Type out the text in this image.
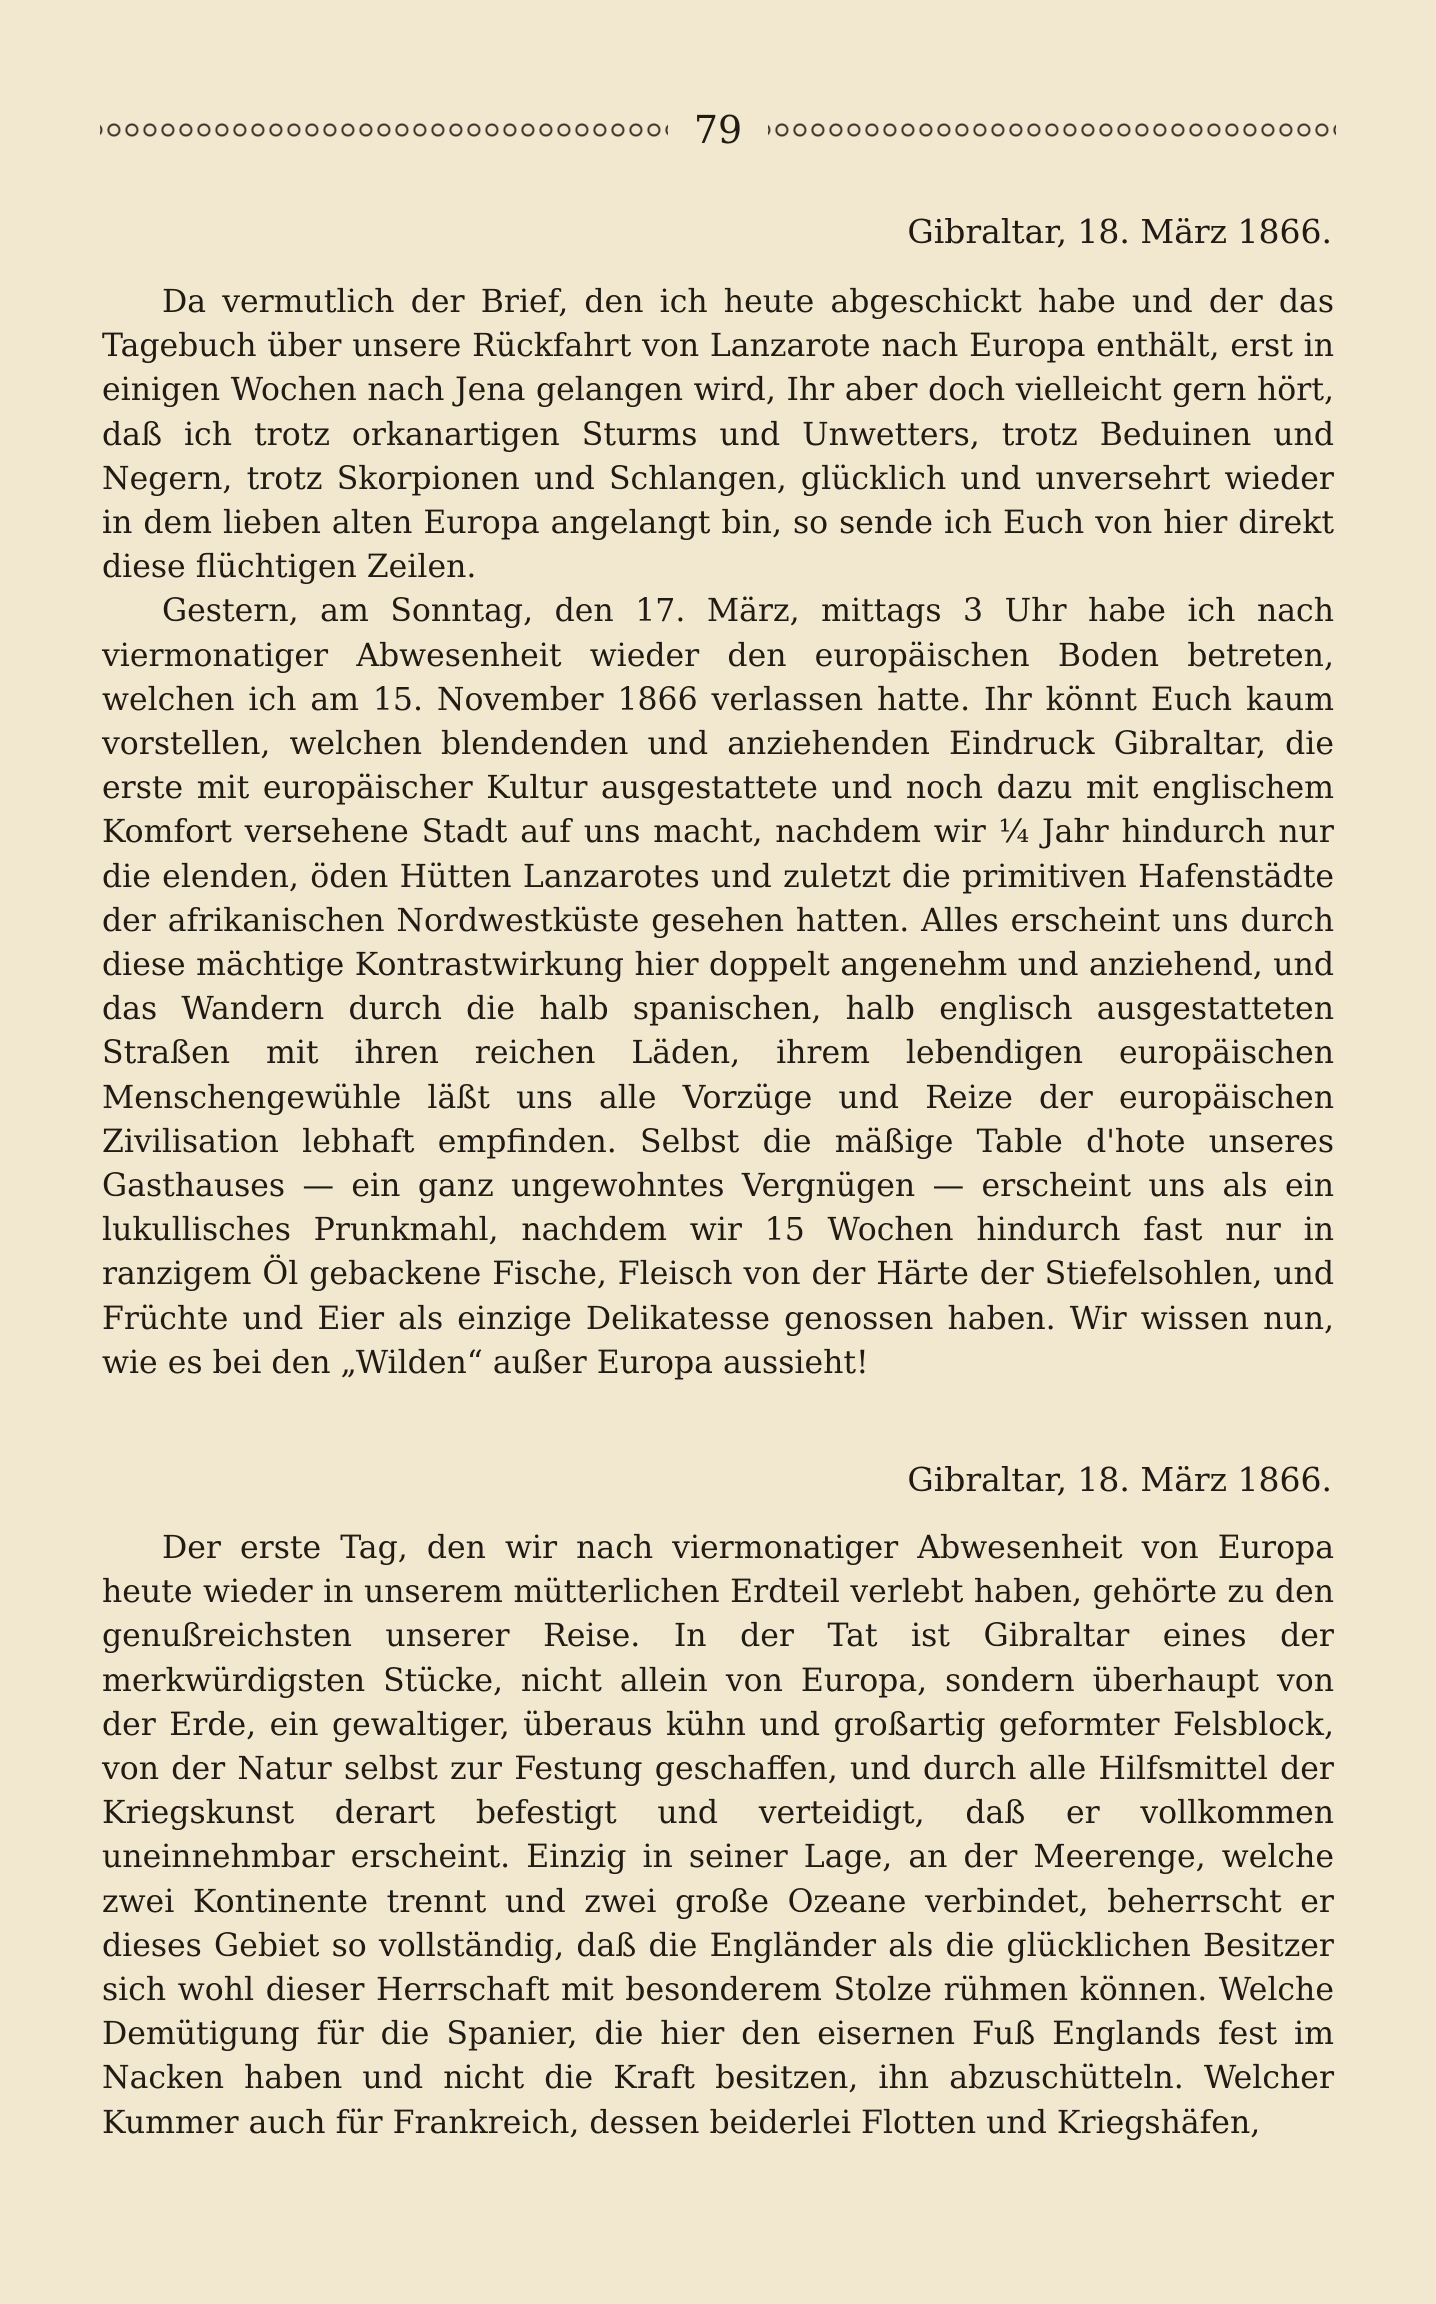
79

Gibraltar, 18. März 1866.

Da vermutlich der Brief, den ich heute abgeschickt habe und der das Tagebuch über unsere Rückfahrt von Lanzarote nach Europa enthält, erst in einigen Wochen nach Jena gelangen wird, Ihr aber doch vielleicht gern hört, daß ich trotz orkanartigen Sturms und Unwetters, trotz Beduinen und Negern, trotz Skorpionen und Schlangen, glücklich und unversehrt wieder in dem lieben alten Europa angelangt bin, so sende ich Euch von hier direkt diese flüchtigen Zeilen.

Gestern, am Sonntag, den 17. März, mittags 3 Uhr habe ich nach viermonatiger Abwesenheit wieder den europäischen Boden betreten, welchen ich am 15. November 1866 verlassen hatte. Ihr könnt Euch kaum vorstellen, welchen blendenden und anziehenden Eindruck Gibraltar, die erste mit europäischer Kultur ausgestattete und noch dazu mit englischem Komfort versehene Stadt auf uns macht, nachdem wir ¼ Jahr hindurch nur die elenden, öden Hütten Lanzarotes und zuletzt die primitiven Hafenstädte der afrikanischen Nordwestküste gesehen hatten. Alles erscheint uns durch diese mächtige Kontrastwirkung hier doppelt angenehm und anziehend, und das Wandern durch die halb spanischen, halb englisch ausgestatteten Straßen mit ihren reichen Läden, ihrem lebendigen europäischen Menschengewühle läßt uns alle Vorzüge und Reize der europäischen Zivilisation lebhaft empfinden. Selbst die mäßige Table d'hote unseres Gasthauses — ein ganz ungewohntes Vergnügen — erscheint uns als ein lukullisches Prunkmahl, nachdem wir 15 Wochen hindurch fast nur in ranzigem Öl gebackene Fische, Fleisch von der Härte der Stiefelsohlen, und Früchte und Eier als einzige Delikatesse genossen haben. Wir wissen nun, wie es bei den „Wilden“ außer Europa aussieht!

Gibraltar, 18. März 1866.

Der erste Tag, den wir nach viermonatiger Abwesenheit von Europa heute wieder in unserem mütterlichen Erdteil verlebt haben, gehörte zu den genußreichsten unserer Reise. In der Tat ist Gibraltar eines der merkwürdigsten Stücke, nicht allein von Europa, sondern überhaupt von der Erde, ein gewaltiger, überaus kühn und großartig geformter Felsblock, von der Natur selbst zur Festung geschaffen, und durch alle Hilfsmittel der Kriegskunst derart befestigt und verteidigt, daß er vollkommen uneinnehmbar erscheint. Einzig in seiner Lage, an der Meerenge, welche zwei Kontinente trennt und zwei große Ozeane verbindet, beherrscht er dieses Gebiet so vollständig, daß die Engländer als die glücklichen Besitzer sich wohl dieser Herrschaft mit besonderem Stolze rühmen können. Welche Demütigung für die Spanier, die hier den eisernen Fuß Englands fest im Nacken haben und nicht die Kraft besitzen, ihn abzuschütteln. Welcher Kummer auch für Frankreich, dessen beiderlei Flotten und Kriegshäfen,
